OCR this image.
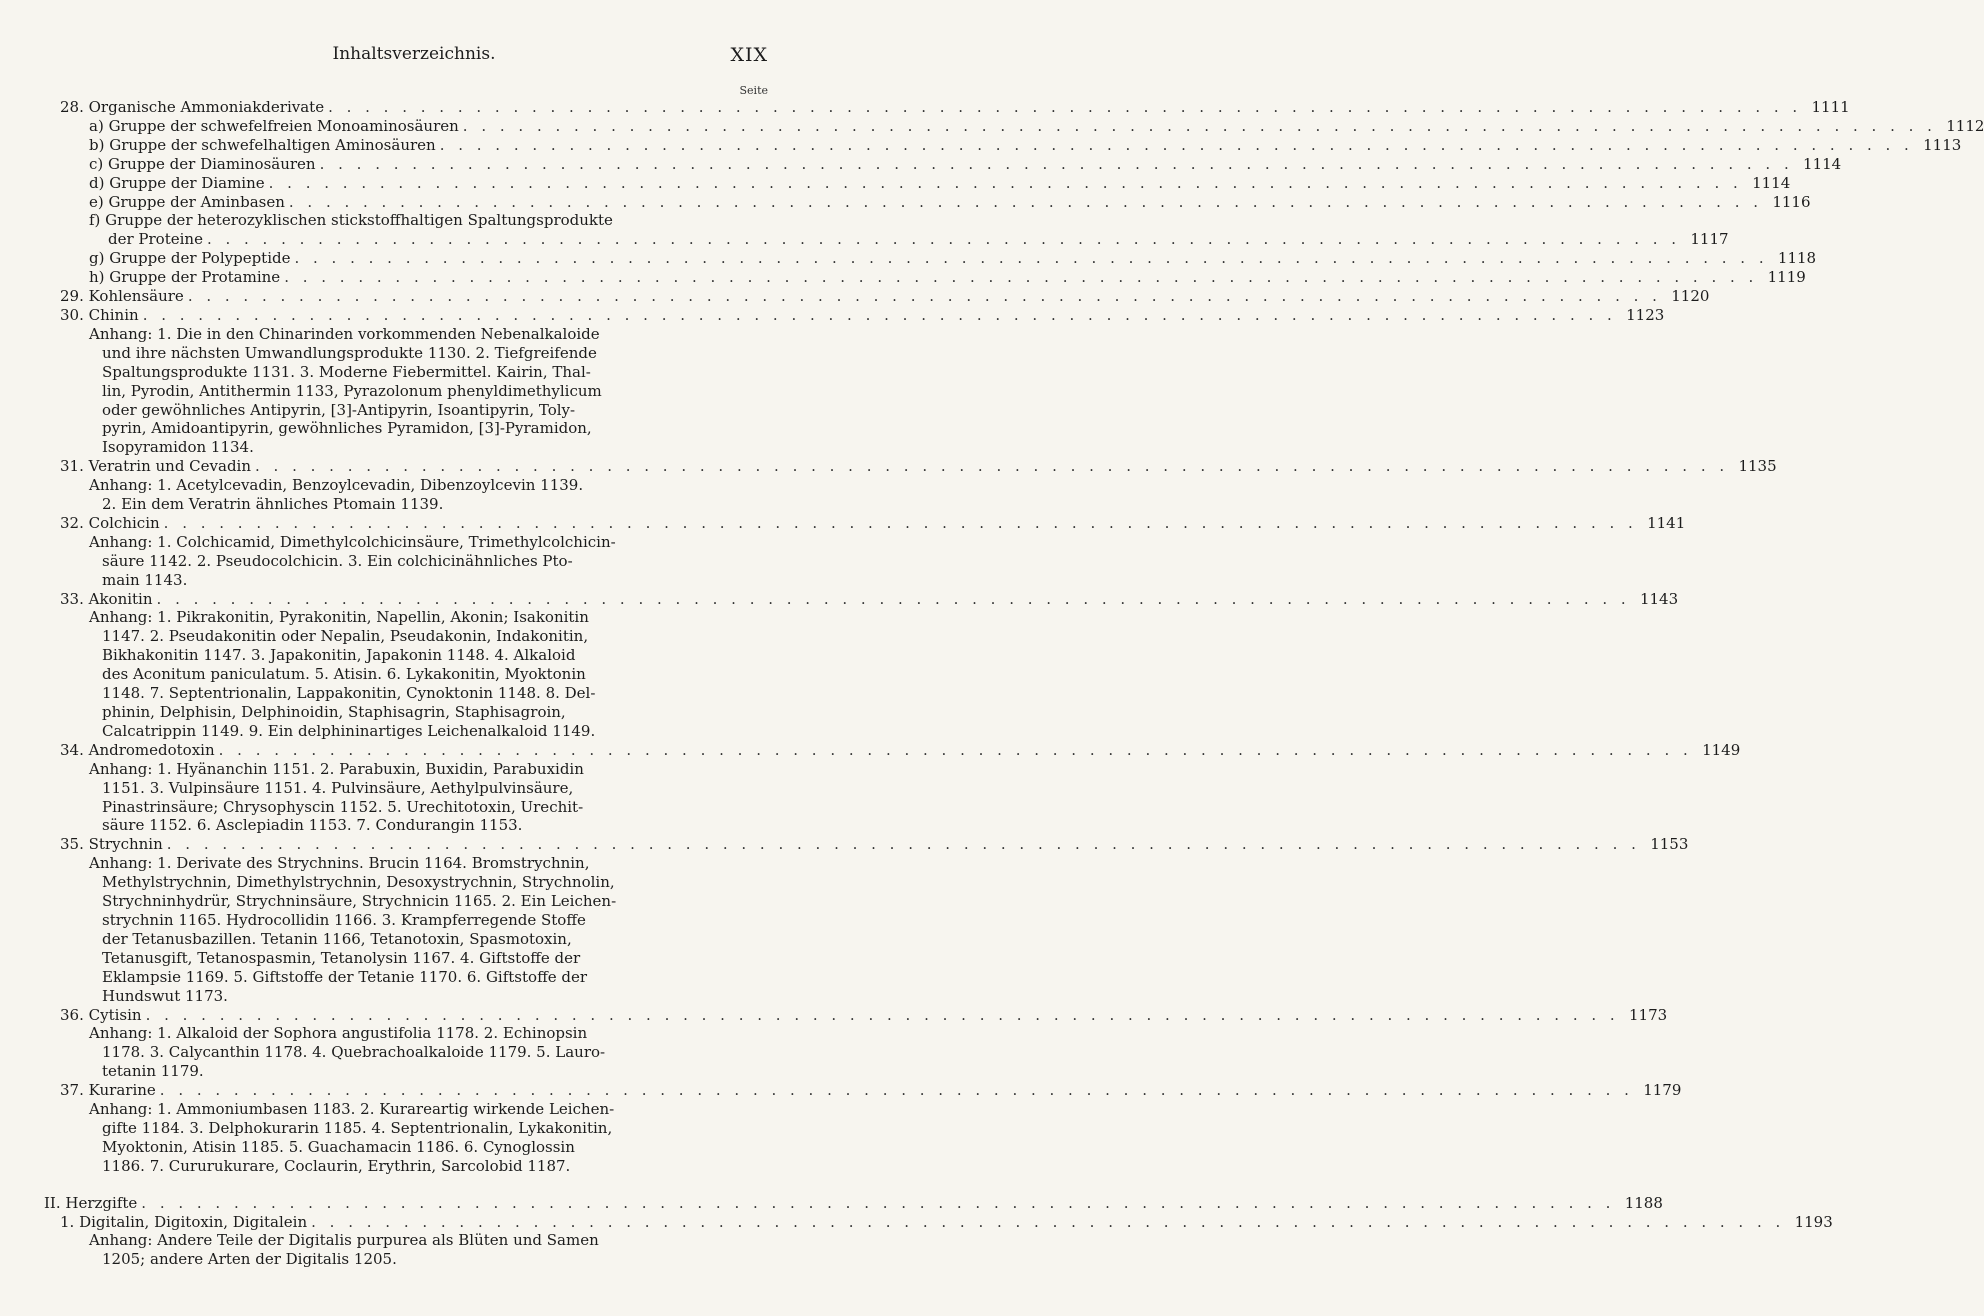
Inhaltsverzeichnis.	XIX
Seite
28. Organische Ammoniakderivate . . .	1111
a) Gruppe der schwefelfreien Monoaminosäuren . . .	1112
b) Gruppe der schwefelhaltigen Aminosäuren . . .	1113
c) Gruppe der Diaminosäuren . . .	1114
d) Gruppe der Diamine . . .	1114
e) Gruppe der Aminbasen . . .	1116
f) Gruppe der heterozyklischen stickstoffhaltigen Spaltungsprodukte
der Proteine . . .	1117
g) Gruppe der Polypeptide . . .	1118
h) Gruppe der Protamine . . .	1119
29. Kohlensäure . . .	1120
30. Chinin . . .	1123

Anhang: 1. Die in den Chinarinden vorkommenden Nebenalkaloide

und ihre nächsten Umwandlungsprodukte 1130. 2. Tiefgreifende

Spaltungsprodukte 1131. 3. Moderne Fiebermittel. Kairin, Thal-

lin, Pyrodin, Antithermin 1133, Pyrazolonum phenyldimethylicum

oder gewöhnliches Antipyrin, [3]-Antipyrin, Isoantipyrin, Toly-

pyrin, Amidoantipyrin, gewöhnliches Pyramidon, [3]-Pyramidon,

Isopyramidon 1134.

31. Veratrin und Cevadin . . .	1135

Anhang: 1. Acetylcevadin, Benzoylcevadin, Dibenzoylcevin 1139.

2. Ein dem Veratrin ähnliches Ptomain 1139.

32. Colchicin . . .	1141

Anhang: 1. Colchicamid, Dimethylcolchicinsäure, Trimethylcolchicin-

säure 1142. 2. Pseudocolchicin. 3. Ein colchicinähnliches Pto-

main 1143.

33. Akonitin . . .	1143

Anhang: 1. Pikrakonitin, Pyrakonitin, Napellin, Akonin; Isakonitin

1147. 2. Pseudakonitin oder Nepalin, Pseudakonin, Indakonitin,

Bikhakonitin 1147. 3. Japakonitin, Japakonin 1148. 4. Alkaloid

des Aconitum paniculatum. 5. Atisin. 6. Lykakonitin, Myoktonin

1148. 7. Septentrionalin, Lappakonitin, Cynoktonin 1148. 8. Del-

phinin, Delphisin, Delphinoidin, Staphisagrin, Staphisagroin,

Calcatrippin 1149. 9. Ein delphininartiges Leichenalkaloid 1149.

34. Andromedotoxin . . .	1149

Anhang: 1. Hyänanchin 1151. 2. Parabuxin, Buxidin, Parabuxidin

1151. 3. Vulpinsäure 1151. 4. Pulvinsäure, Aethylpulvinsäure,

Pinastrinsäure; Chrysophyscin 1152. 5. Urechitotoxin, Urechit-

säure 1152. 6. Asclepiadin 1153. 7. Condurangin 1153.

35. Strychnin . . .	1153

Anhang: 1. Derivate des Strychnins. Brucin 1164. Bromstrychnin,

Methylstrychnin, Dimethylstrychnin, Desoxystrychnin, Strychnolin,

Strychninhydrür, Strychninsäure, Strychnicin 1165. 2. Ein Leichen-

strychnin 1165. Hydrocollidin 1166. 3. Krampferregende Stoffe

der Tetanusbazillen. Tetanin 1166, Tetanotoxin, Spasmotoxin,

Tetanusgift, Tetanospasmin, Tetanolysin 1167. 4. Giftstoffe der

Eklampsie 1169. 5. Giftstoffe der Tetanie 1170. 6. Giftstoffe der

Hundswut 1173.

36. Cytisin . . .	1173

Anhang: 1. Alkaloid der Sophora angustifolia 1178. 2. Echinopsin

1178. 3. Calycanthin 1178. 4. Quebrachoalkaloide 1179. 5. Lauro-

tetanin 1179.

37. Kurarine . . .	1179

Anhang: 1. Ammoniumbasen 1183. 2. Kurareartig wirkende Leichen-

gifte 1184. 3. Delphokurarin 1185. 4. Septentrionalin, Lykakonitin,

Myoktonin, Atisin 1185. 5. Guachamacin 1186. 6. Cynoglossin

1186. 7. Cururukurare, Coclaurin, Erythrin, Sarcolobid 1187.

II. Herzgifte . . .	1188
1. Digitalin, Digitoxin, Digitalein . . .	1193

Anhang: Andere Teile der Digitalis purpurea als Blüten und Samen

1205; andere Arten der Digitalis 1205.
